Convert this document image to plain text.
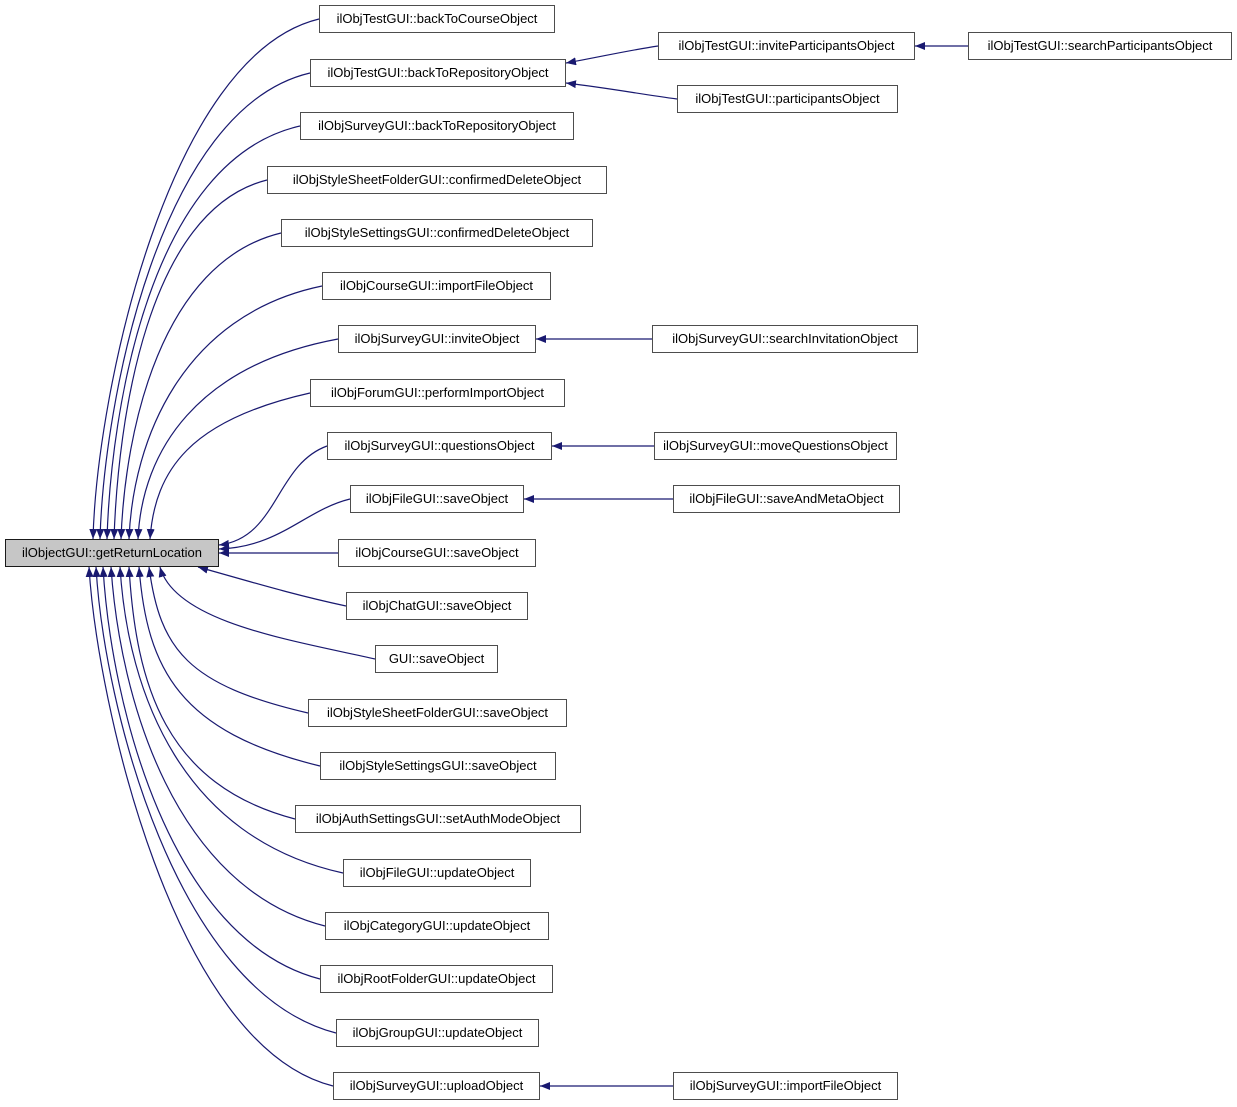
ilObjectGUI::getReturnLocation
ilObjTestGUI::backToCourseObject
ilObjTestGUI::backToRepositoryObject
ilObjSurveyGUI::backToRepositoryObject
ilObjStyleSheetFolderGUI::confirmedDeleteObject
ilObjStyleSettingsGUI::confirmedDeleteObject
ilObjCourseGUI::importFileObject
ilObjSurveyGUI::inviteObject
ilObjForumGUI::performImportObject
ilObjSurveyGUI::questionsObject
ilObjFileGUI::saveObject
ilObjCourseGUI::saveObject
ilObjChatGUI::saveObject
GUI::saveObject
ilObjStyleSheetFolderGUI::saveObject
ilObjStyleSettingsGUI::saveObject
ilObjAuthSettingsGUI::setAuthModeObject
ilObjFileGUI::updateObject
ilObjCategoryGUI::updateObject
ilObjRootFolderGUI::updateObject
ilObjGroupGUI::updateObject
ilObjSurveyGUI::uploadObject
ilObjTestGUI::inviteParticipantsObject
ilObjTestGUI::participantsObject
ilObjSurveyGUI::searchInvitationObject
ilObjSurveyGUI::moveQuestionsObject
ilObjFileGUI::saveAndMetaObject
ilObjSurveyGUI::importFileObject
ilObjTestGUI::searchParticipantsObject
